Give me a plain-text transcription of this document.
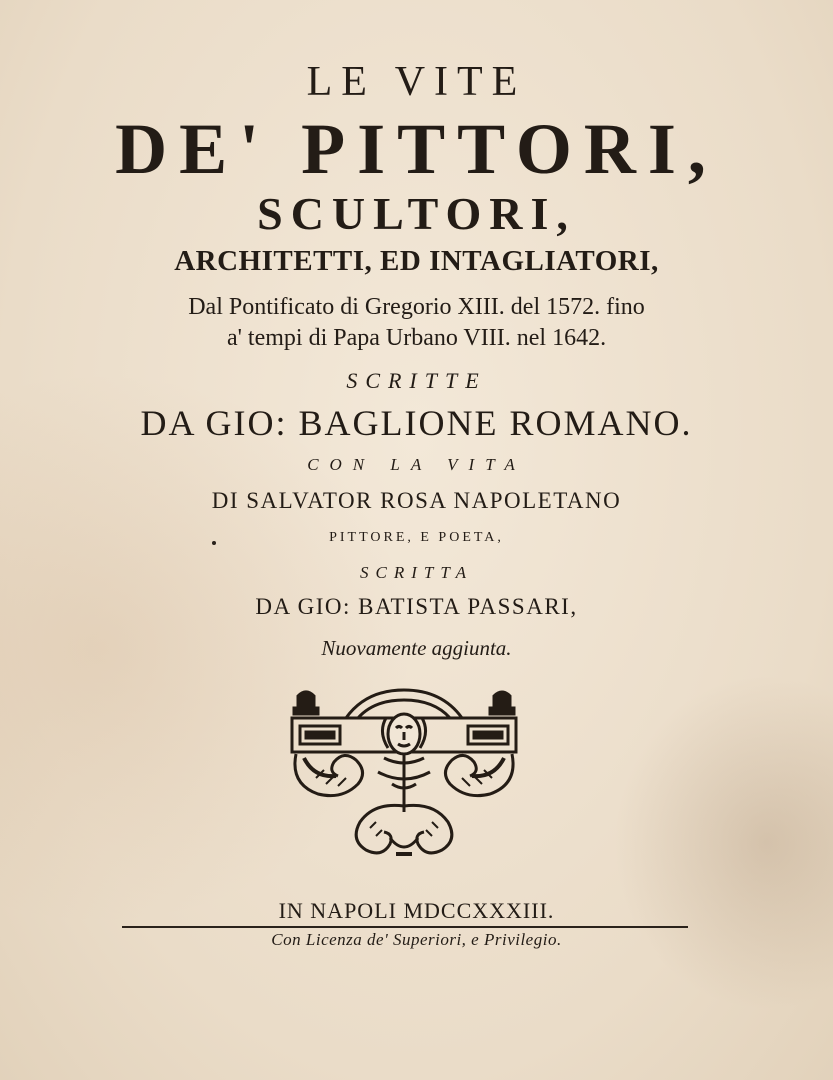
LE VITE

DE' PITTORI,

SCULTORI,

ARCHITETTI, ED INTAGLIATORI,

Dal Pontificato di Gregorio XIII. del 1572. fino

a' tempi di Papa Urbano VIII. nel 1642.

SCRITTE

DA GIO: BAGLIONE ROMANO.

CON LA VITA

DI SALVATOR ROSA NAPOLETANO

PITTORE, E POETA,

SCRITTA

DA GIO: BATISTA PASSARI,

Nuovamente aggiunta.

IN NAPOLI MDCCXXXIII.

Con Licenza de' Superiori, e Privilegio.
